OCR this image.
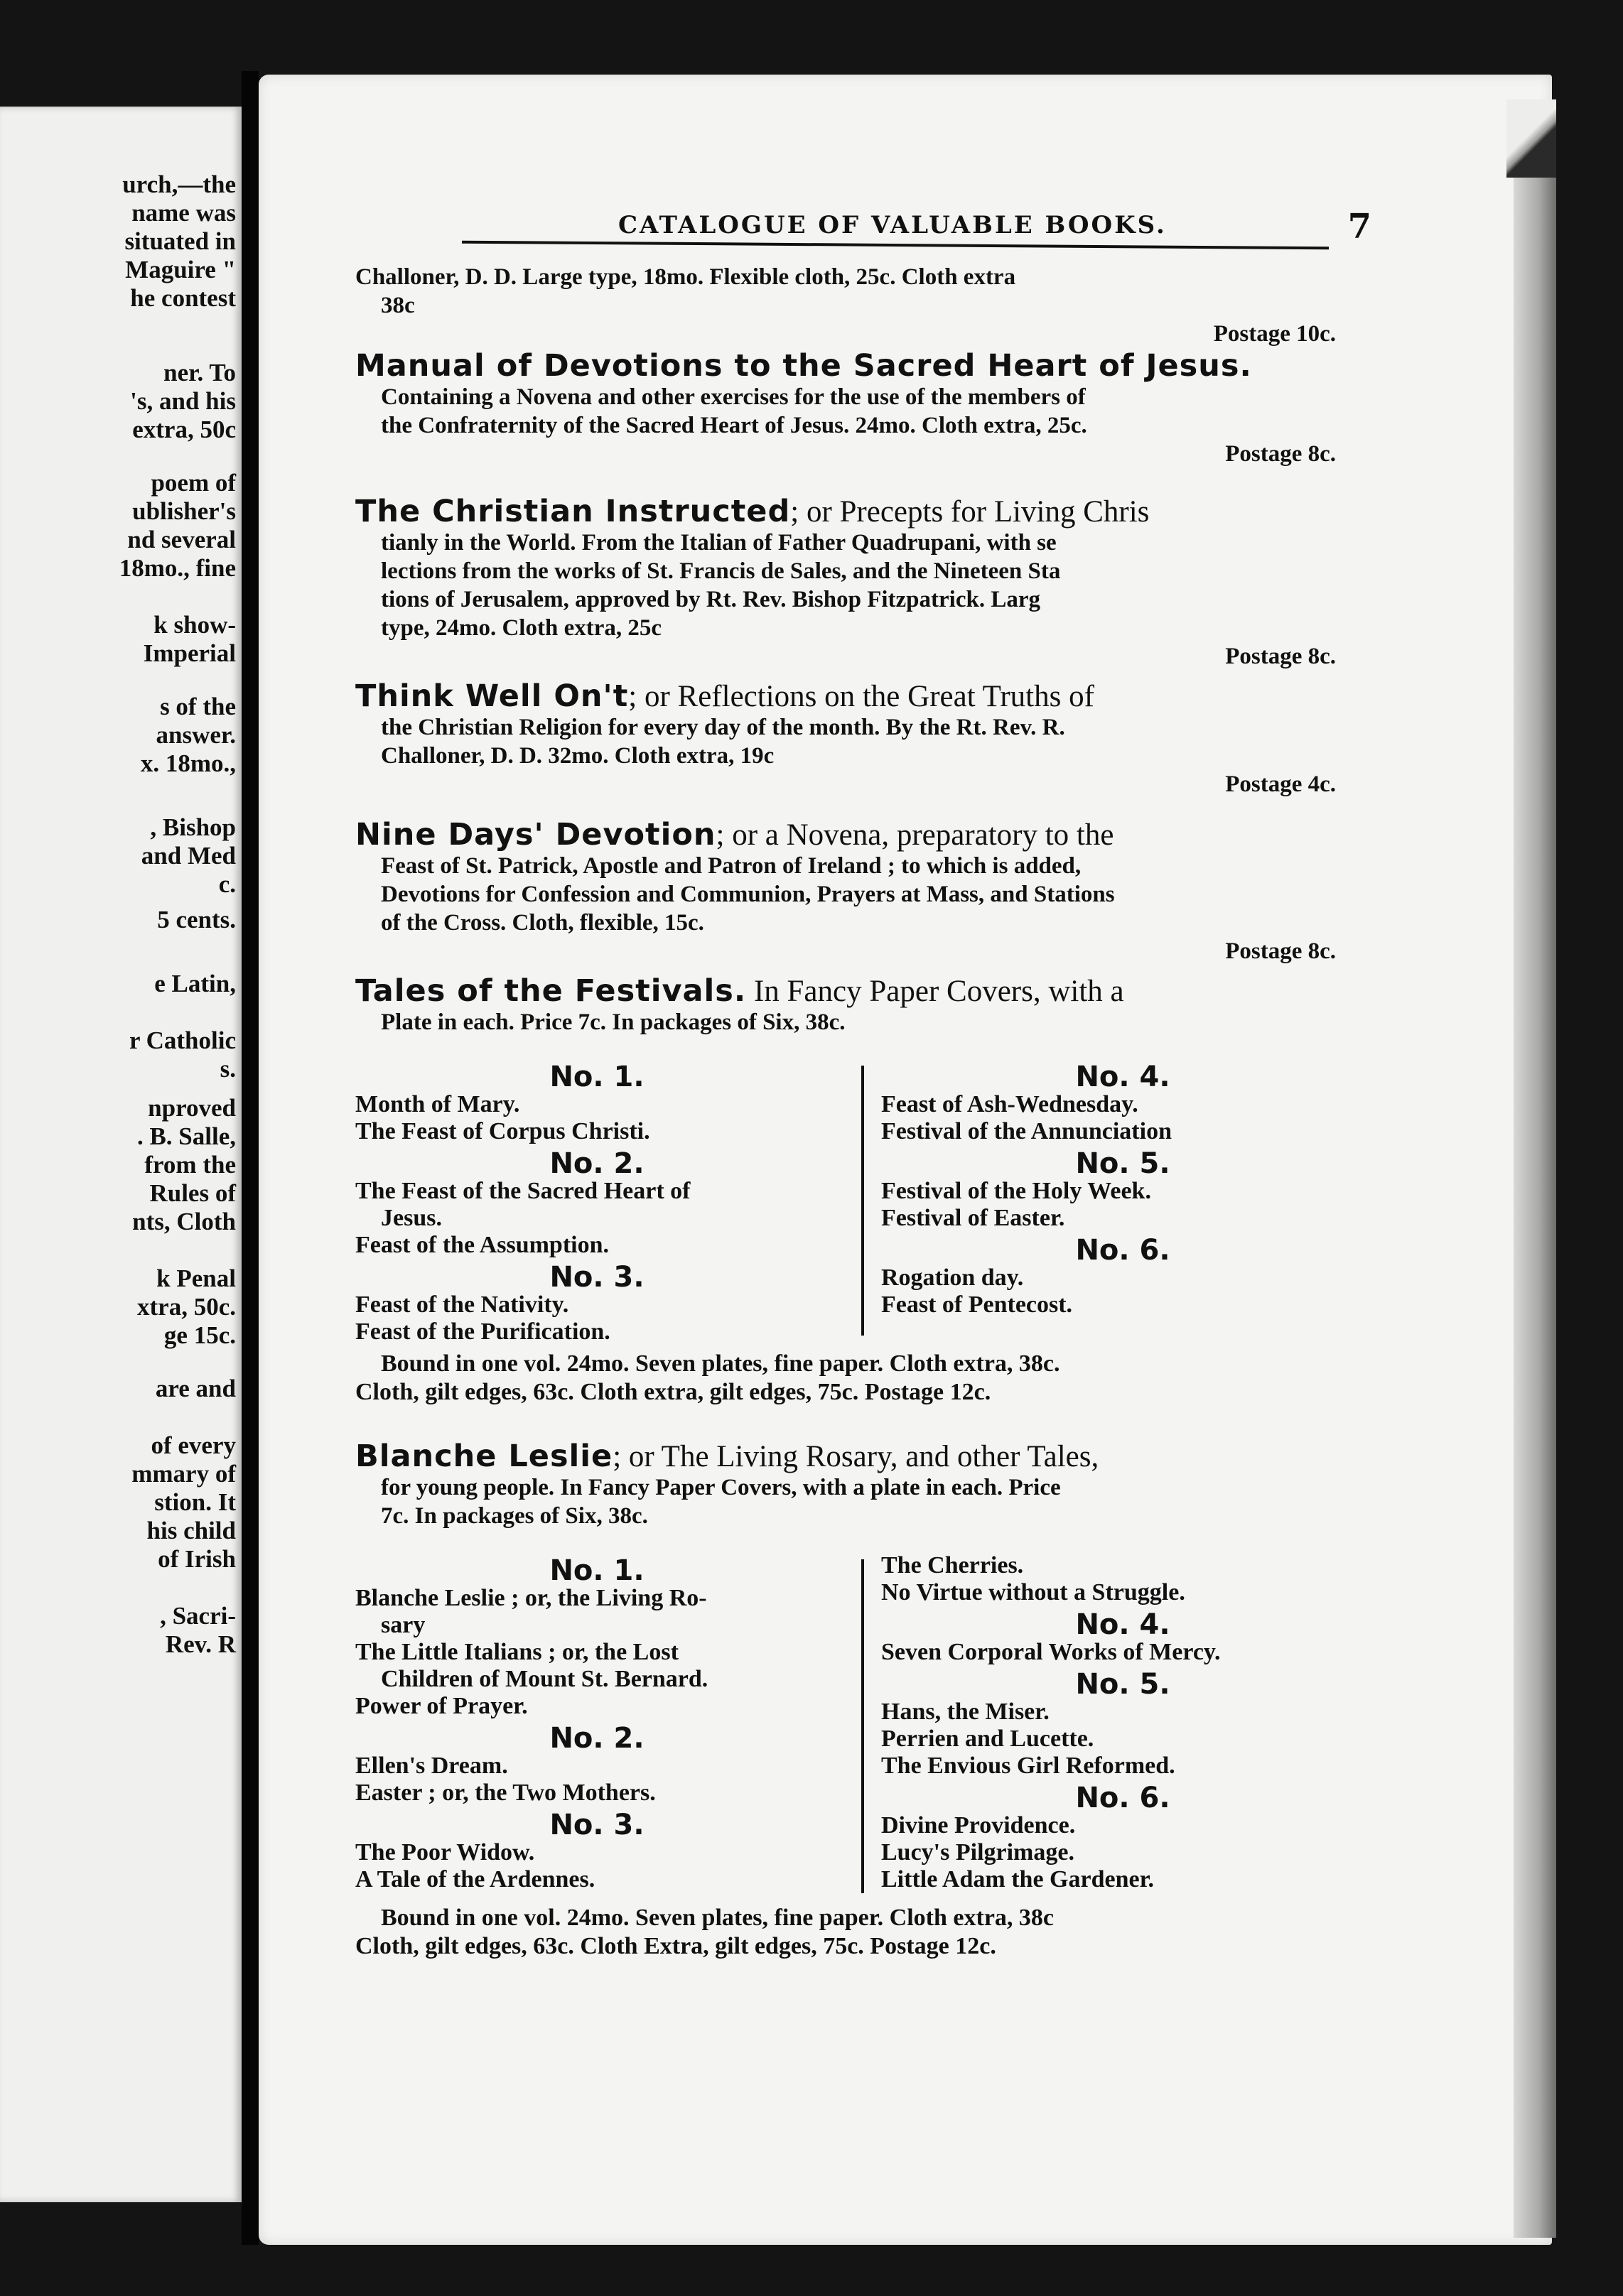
urch,—the
name was
situated in
Maguire "
he contest
ner. To
's, and his
extra, 50c
poem of
ublisher's
nd several
18mo., fine
k show-
Imperial
s of the
answer.
x. 18mo.,
, Bishop
and Med
c.
5 cents.
e Latin,
r Catholic
s.
nproved
. B. Salle,
from the
Rules of
nts, Cloth
k Penal
xtra, 50c.
ge 15c.
are and
of every
mmary of
stion. It
his child
of Irish
, Sacri-
Rev. R
CATALOGUE OF VALUABLE BOOKS.	7
Challoner, D. D. Large type, 18mo. Flexible cloth, 25c. Cloth extra
38c
Postage 10c.
Manual of Devotions to the Sacred Heart of Jesus.
Containing a Novena and other exercises for the use of the members of
the Confraternity of the Sacred Heart of Jesus. 24mo. Cloth extra, 25c.
Postage 8c.
The Christian Instructed; or Precepts for Living Chris
tianly in the World. From the Italian of Father Quadrupani, with se
lections from the works of St. Francis de Sales, and the Nineteen Sta
tions of Jerusalem, approved by Rt. Rev. Bishop Fitzpatrick. Larg
type, 24mo. Cloth extra, 25c
Postage 8c.
Think Well On't; or Reflections on the Great Truths of
the Christian Religion for every day of the month. By the Rt. Rev. R.
Challoner, D. D. 32mo. Cloth extra, 19c
Postage 4c.
Nine Days' Devotion; or a Novena, preparatory to the
Feast of St. Patrick, Apostle and Patron of Ireland ; to which is added,
Devotions for Confession and Communion, Prayers at Mass, and Stations
of the Cross. Cloth, flexible, 15c.
Postage 8c.
Tales of the Festivals. In Fancy Paper Covers, with a
Plate in each. Price 7c. In packages of Six, 38c.
No. 1.
Month of Mary.
The Feast of Corpus Christi.
No. 2.
The Feast of the Sacred Heart of
Jesus.
Feast of the Assumption.
No. 3.
Feast of the Nativity.
Feast of the Purification.
No. 4.
Feast of Ash-Wednesday.
Festival of the Annunciation
No. 5.
Festival of the Holy Week.
Festival of Easter.
No. 6.
Rogation day.
Feast of Pentecost.
Bound in one vol. 24mo. Seven plates, fine paper. Cloth extra, 38c.
Cloth, gilt edges, 63c. Cloth extra, gilt edges, 75c. Postage 12c.
Blanche Leslie; or The Living Rosary, and other Tales,
for young people. In Fancy Paper Covers, with a plate in each. Price
7c. In packages of Six, 38c.
No. 1.
Blanche Leslie ; or, the Living Ro-
sary
The Little Italians ; or, the Lost
Children of Mount St. Bernard.
Power of Prayer.
No. 2.
Ellen's Dream.
Easter ; or, the Two Mothers.
No. 3.
The Poor Widow.
A Tale of the Ardennes.
The Cherries.
No Virtue without a Struggle.
No. 4.
Seven Corporal Works of Mercy.
No. 5.
Hans, the Miser.
Perrien and Lucette.
The Envious Girl Reformed.
No. 6.
Divine Providence.
Lucy's Pilgrimage.
Little Adam the Gardener.
Bound in one vol. 24mo. Seven plates, fine paper. Cloth extra, 38c
Cloth, gilt edges, 63c. Cloth Extra, gilt edges, 75c. Postage 12c.
